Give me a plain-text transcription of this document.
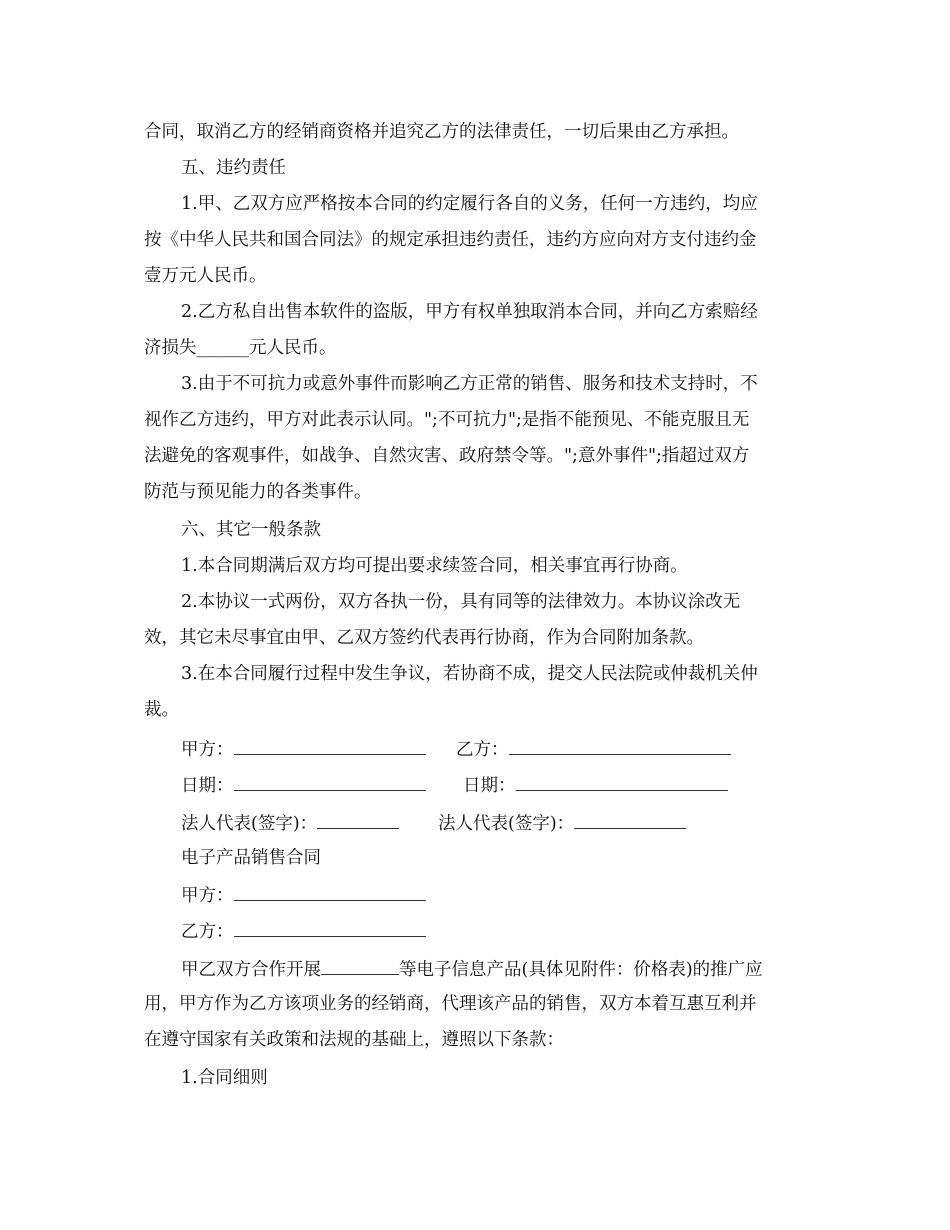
合同，取消乙方的经销商资格并追究乙方的法律责任，一切后果由乙方承担。
五、违约责任
1.甲、乙双方应严格按本合同的约定履行各自的义务，任何一方违约，均应
按《中华人民共和国合同法》的规定承担违约责任，违约方应向对方支付违约金
壹万元人民币。
2.乙方私自出售本软件的盗版，甲方有权单独取消本合同，并向乙方索赔经
济损失______元人民币。
3.由于不可抗力或意外事件而影响乙方正常的销售、服务和技术支持时，不
视作乙方违约，甲方对此表示认同。";不可抗力";是指不能预见、不能克服且无
法避免的客观事件，如战争、自然灾害、政府禁令等。";意外事件";指超过双方
防范与预见能力的各类事件。
六、其它一般条款
1.本合同期满后双方均可提出要求续签合同，相关事宜再行协商。
2.本协议一式两份，双方各执一份，具有同等的法律效力。本协议涂改无
效，其它未尽事宜由甲、乙双方签约代表再行协商，作为合同附加条款。
3.在本合同履行过程中发生争议，若协商不成，提交人民法院或仲裁机关仲
裁。
甲方：	乙方：
日期：	日期：
法人代表(签字)：	法人代表(签字)：
电子产品销售合同
甲方：
乙方：
甲乙双方合作开展	等电子信息产品(具体见附件：价格表)的推广应
用，甲方作为乙方该项业务的经销商，代理该产品的销售，双方本着互惠互利并
在遵守国家有关政策和法规的基础上，遵照以下条款：
1.合同细则
